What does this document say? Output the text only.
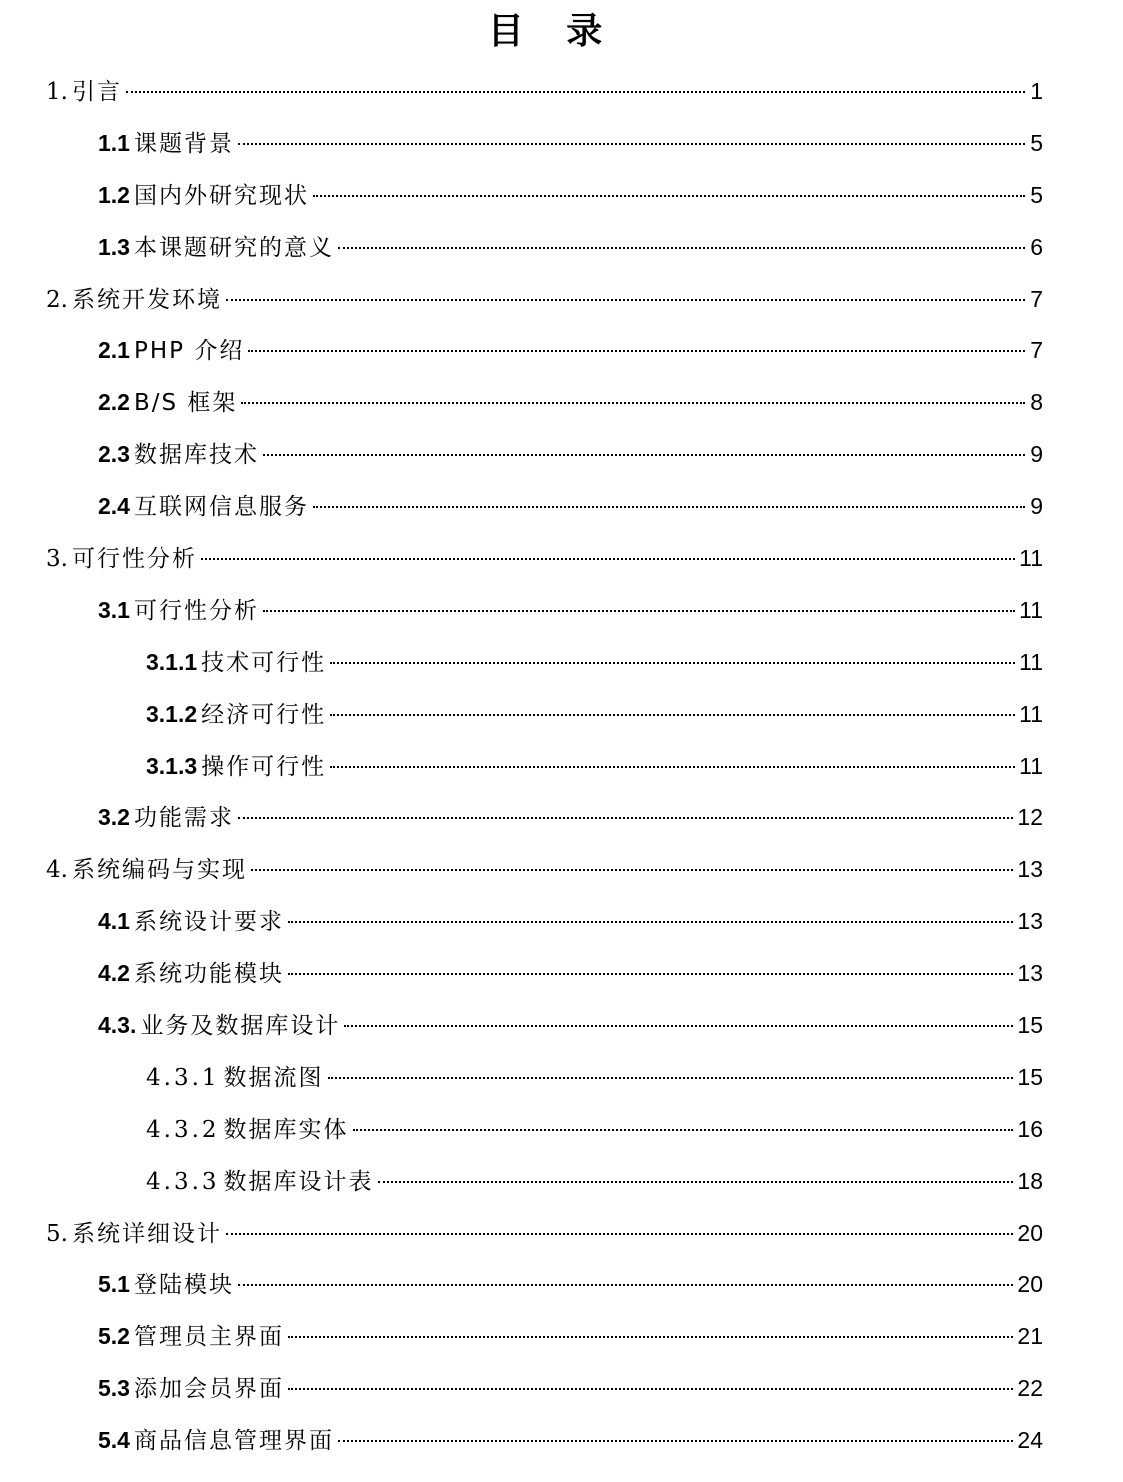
目 录
1. 引言	1
1.1 课题背景	5
1.2 国内外研究现状	5
1.3 本课题研究的意义	6
2. 系统开发环境	7
2.1 PHP 介绍	7
2.2 B/S 框架	8
2.3 数据库技术	9
2.4 互联网信息服务	9
3. 可行性分析	11
3.1 可行性分析	11
3.1.1 技术可行性	11
3.1.2 经济可行性	11
3.1.3 操作可行性	11
3.2 功能需求	12
4. 系统编码与实现	13
4.1 系统设计要求	13
4.2 系统功能模块	13
4.3. 业务及数据库设计	15
4.3.1 数据流图	15
4.3.2 数据库实体	16
4.3.3 数据库设计表	18
5. 系统详细设计	20
5.1 登陆模块	20
5.2 管理员主界面	21
5.3 添加会员界面	22
5.4 商品信息管理界面	24
